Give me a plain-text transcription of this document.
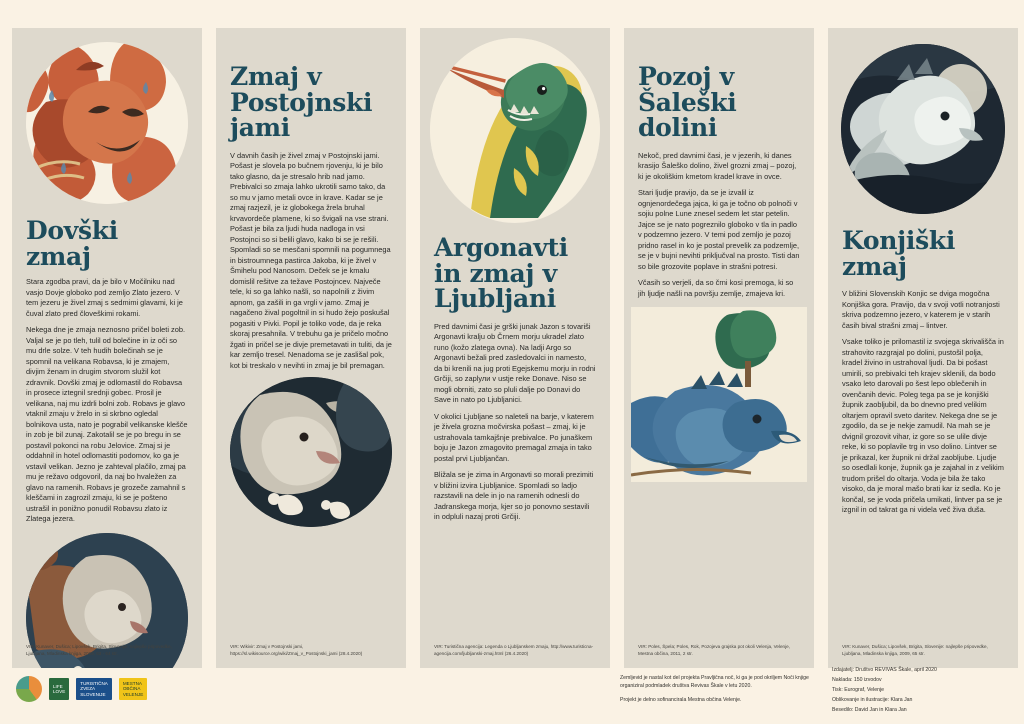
Dovški zmaj

Stara zgodba pravi, da je bilo v Močilniku nad vasjo Dovje globoko pod zemljo Zlato jezero. V tem jezeru je živel zmaj s sedmimi glavami, ki je čuval zlato pred človeškimi rokami.

Nekega dne je zmaja neznosno pričel boleti zob. Valjal se je po tleh, tulil od bolečine in iz oči so mu drle solze. V teh hudih bolečinah se je spomnil na velikana Robavsa, ki je zmajem, divjim ženam in drugim stvorom služil kot zdravnik. Dovški zmaj je odlomastil do Robavsa in prosece iztegnil srednji gobec. Prosil je velikana, naj mu izdrli bolni zob. Robavs je glavo vtaknil zmaju v žrelo in si skrbno ogledal bolnikova usta, nato je pograbil velikanske klešče in zob je bil zunaj. Zakotalil se je po bregu in se postavil pokonci na robu Jelovice. Zmaj si je oddahnil in hotel odlomastiti podomov, ko ga je vstavil velikan. Jezno je zahteval plačilo, zmaj pa mu je režavo odgovoril, da naj bo hvaležen za glavo na ramenih. Robavs je grozeče zamahnil s kleščami in zagrozil zmaju, ki se je pošteno ustrašil in ponižno ponudil Robavsu zlato iz Zlategа jezera.

VIR: Kunaver, Dušica; Lipovšek, Brigita, Slovenije: najlepše pripovedke, Ljubljana, Mladinska knjiga, 2009, 63 - 64 str.
Zmaj v Postojnski jami

V davnih časih je živel zmaj v Postojnski jami. Pošast je slovela po bučnem rjovenju, ki je bilo tako glasno, da je stresalo hrib nad jamo. Prebivalci so zmaja lahko ukrotili samo tako, da so mu v jamo metali ovce in krave. Kadar se je zmaj razjezil, je iz globokega žrela bruhal krvavordeče plamene, ki so švigali na vse strani. Pošast je bila za ljudi huda nadloga in vsi Postojnci so si belili glavo, kako bi se je rešili. Spomladi so se mesčani spomnili na pogumnega in bistroumnega pastirca Jakoba, ki je živel v Šmihelu pod Nanosom. Deček se je kmalu domislil rešitve za težave Postojncev. Največe tele, ki so ga lahko našli, so napolnili z živim apnom, ga zašili in ga vrgli v jamo. Zmaj je nagačeno žival pogoltnil in si hudo žejo poskušal pogasiti v Pivki. Popil je toliko vode, da je reka skoraj presahnila. V trebuhu ga je pričelo močno žgati in pričel se je divje premetavati in tuliti, da je kar zemljo tresel. Nenadoma se je zaslišal pok, kot bi treskalo v nevihti in zmaj je bil premagan.

VIR: Wikivir: Zmaj v Postojnski jami, https://sl.wikisource.org/wiki/Zmaj_v_Postojnski_jami (28.4.2020)
Argonavti in zmaj v Ljubljani

Pred davnimi časi je grški junak Jazon s tovariši Argonavti kralju ob Črnem morju ukradel zlato runo (kožo zlatega ovna). Na ladji Argo so Argonavti bežali pred zasledovalci in namesto, da bi krenili na jug proti Egejskemu morju in rodni Grčiji, so zaplули v ustje reke Donave. Niso se mogli obrniti, zato so pluli dalje po Donavi do Save in nato po Ljubljanici.

V okolici Ljubljane so naleteli na barje, v katerem je živela grozna močvirska pošast – zmaj, ki je ustrahovala tamkajšnje prebivalce. Po junaškem boju je Jazon zmagovito premagal zmaja in tako postal prvi Ljubljančan.

Bližala se je zima in Argonavti so morali prezimiti v bližini izvira Ljubljanice. Spomladi so ladjo razstavili na dele in jo na ramenih odnesli do Jadranskega morja, kjer so jo ponovno sestavili in odpluli nazaj proti Grčiji.

VIR: Turistična agencija: Legenda o Ljubljanskem zmaju, http://www.turisticna-agencija.com/ljubljanski-zmaj.html (26.4.2020)
Pozoj v Šaleški dolini

Nekoč, pred davnimi časi, je v jezerih, ki danes krasijo Šaleško dolino, živel grozni zmaj – pozoj, ki je okoliškim kmetom kradel krave in ovce.

Stari ljudje pravijo, da se je izvalil iz ognjenordečega jajca, ki ga je točno ob polnoči v sojiu polne Lune znesel sedem let star petelin. Jajce se je nato pogreznilo globoko v tla in padlo v podzemno jezero. V temi pod zemljo je pozoj pridno rasel in ko je postal prevelik za podzemlje, se je v bujni nevihti priključval na prosto. Tisti dan so bile grozovite poplave in strašni potresi.

Včasih so verjeli, da so črni kosi premoga, ki so jih ljudje našli na površju zemlje, zmajeva kri.

VIR: Poles, Špela; Poles, Rok, Pozojeva grajska pot okoli Velenja, Velenje, Mestna občina, 2011, 2 str.
Konjiški zmaj

V bližini Slovenskih Konjic se dviga mogočna Konjiška gora. Pravijo, da v svoji votli notranjosti skriva podzemno jezero, v katerem je v starih časih bival strašni zmaj – lintver.

Vsake toliko je prilomastil iz svojega skrivališča in strahovito razgrajal po dolini, pustošil polja, kradel živino in ustrahoval ljudi. Da bi pošast umirili, so prebivalci teh krajev sklenili, da bodo vsako leto darovali po šest lepo oblečenih in ovenčanih devic. Poleg tega pa se je konjiški župnik zaobljubil, da bo dnevno pred velikim oltarjem opravil sveto daritev. Nekega dne se je zgodilo, da se je nekje zamudil. Na mah se je dvignil grozovit vihar, iz gore so se ulile divje reke, ki so poplavile trg in vso dolino. Lintver se je prikazal, ker župnik ni držal zaobljube. Ljudje so osedlali konje, župnik ga je zajahal in z velikim trudom prišel do oltarja. Voda je bila že tako visoko, da je moral mašo brati kar iz sedla. Ko je končal, se je voda pričela umikati, lintver pa se je izgnil in od takrat ga ni videla več živa duša.

VIR: Kunaver, Dušica; Lipovšek, Brigita, Slovenije: najlepše pripovedke, Ljubljana, Mladinska knjiga, 2009, 65 str.
LIFE
LOVE
TURISTIČNA
ZVEZA
SLOVENIJE
MESTNA
OBČINA
VELENJE

Zemljevid je nastal kot del projekta Pravljična noč, ki ga je pod okriljem Noči knjige organiziral podmladek društva Revivas Škale v letu 2020.

Projekt je delno sofinancirala Mestna občina Velenje.

Izdajatelj: Društvo REVIVAS Škale, april 2020
Naklada: 150 izvodov
Tisk: Eurograf, Velenje
Oblikovanje in ilustracije: Klara Jan
Besedilo: David Jan in Klara Jan
